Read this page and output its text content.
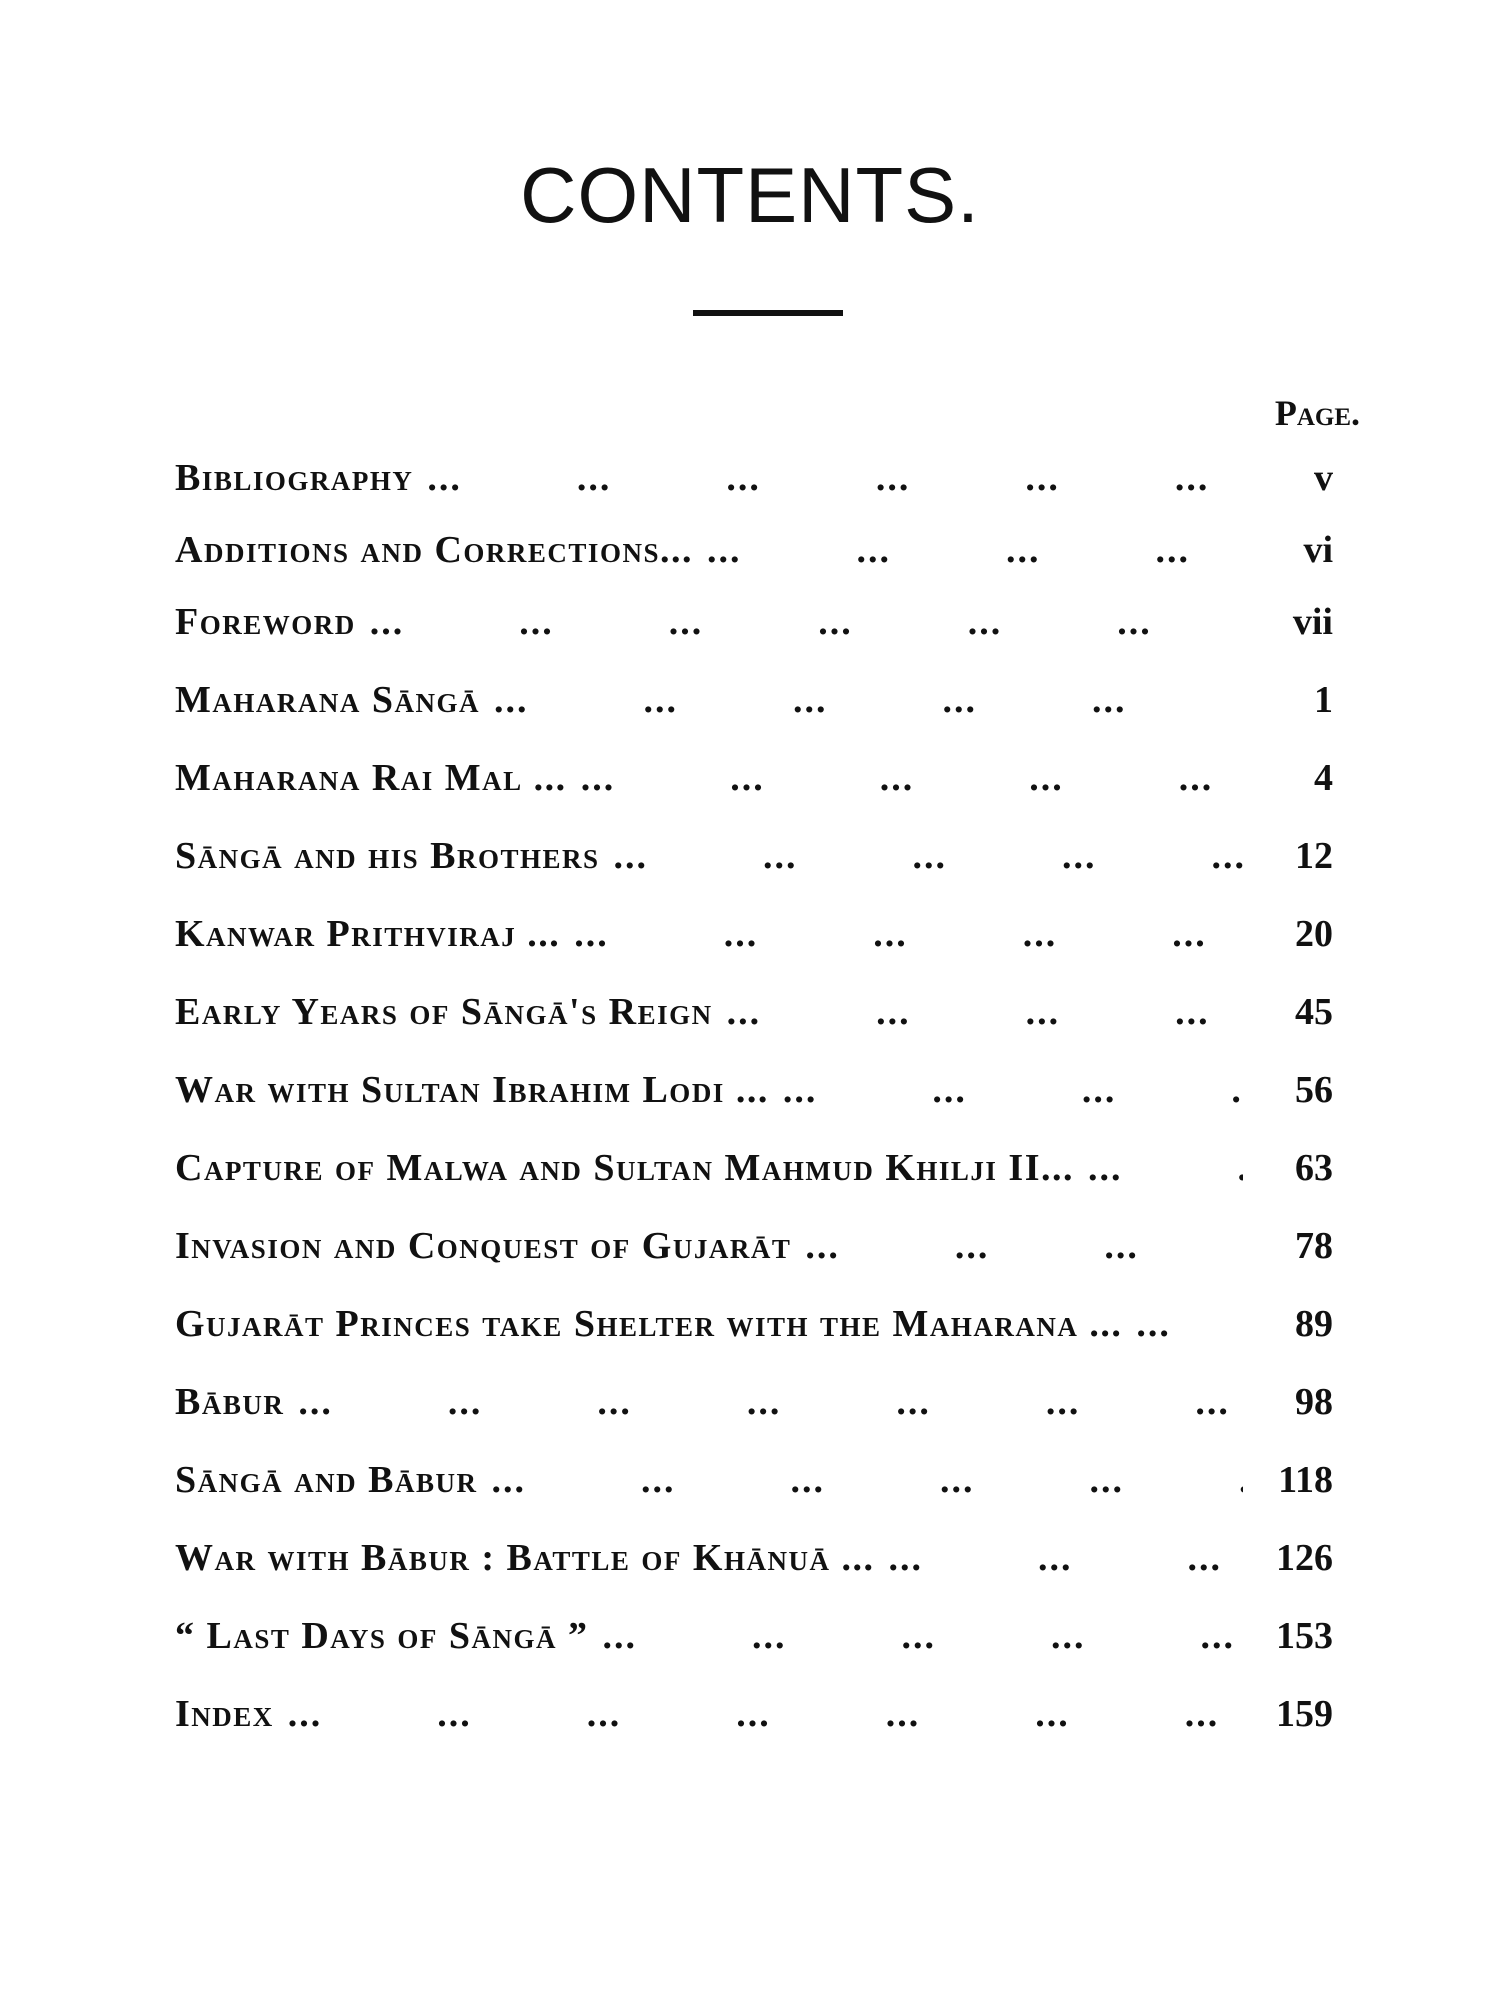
CONTENTS.
Page.
Bibliography ...	v
Additions and Corrections... ...	vi
Foreword ...	vii
Maharana Sāngā ...	1
Maharana Rai Mal ... ...	4
Sāngā and his Brothers ...	12
Kanwar Prithviraj ... ...	20
Early Years of Sāngā's Reign ...	45
War with Sultan Ibrahim Lodi ... ...	56
Capture of Malwa and Sultan Mahmud Khilji II... ...	63
Invasion and Conquest of Gujarāt ...	78
Gujarāt Princes take Shelter with the Maharana ... ...	89
Bābur ...	98
Sāngā and Bābur ...	118
War with Bābur : Battle of Khānuā ... ...	126
“ Last Days of Sāngā ” ...	153
Index ...	159
